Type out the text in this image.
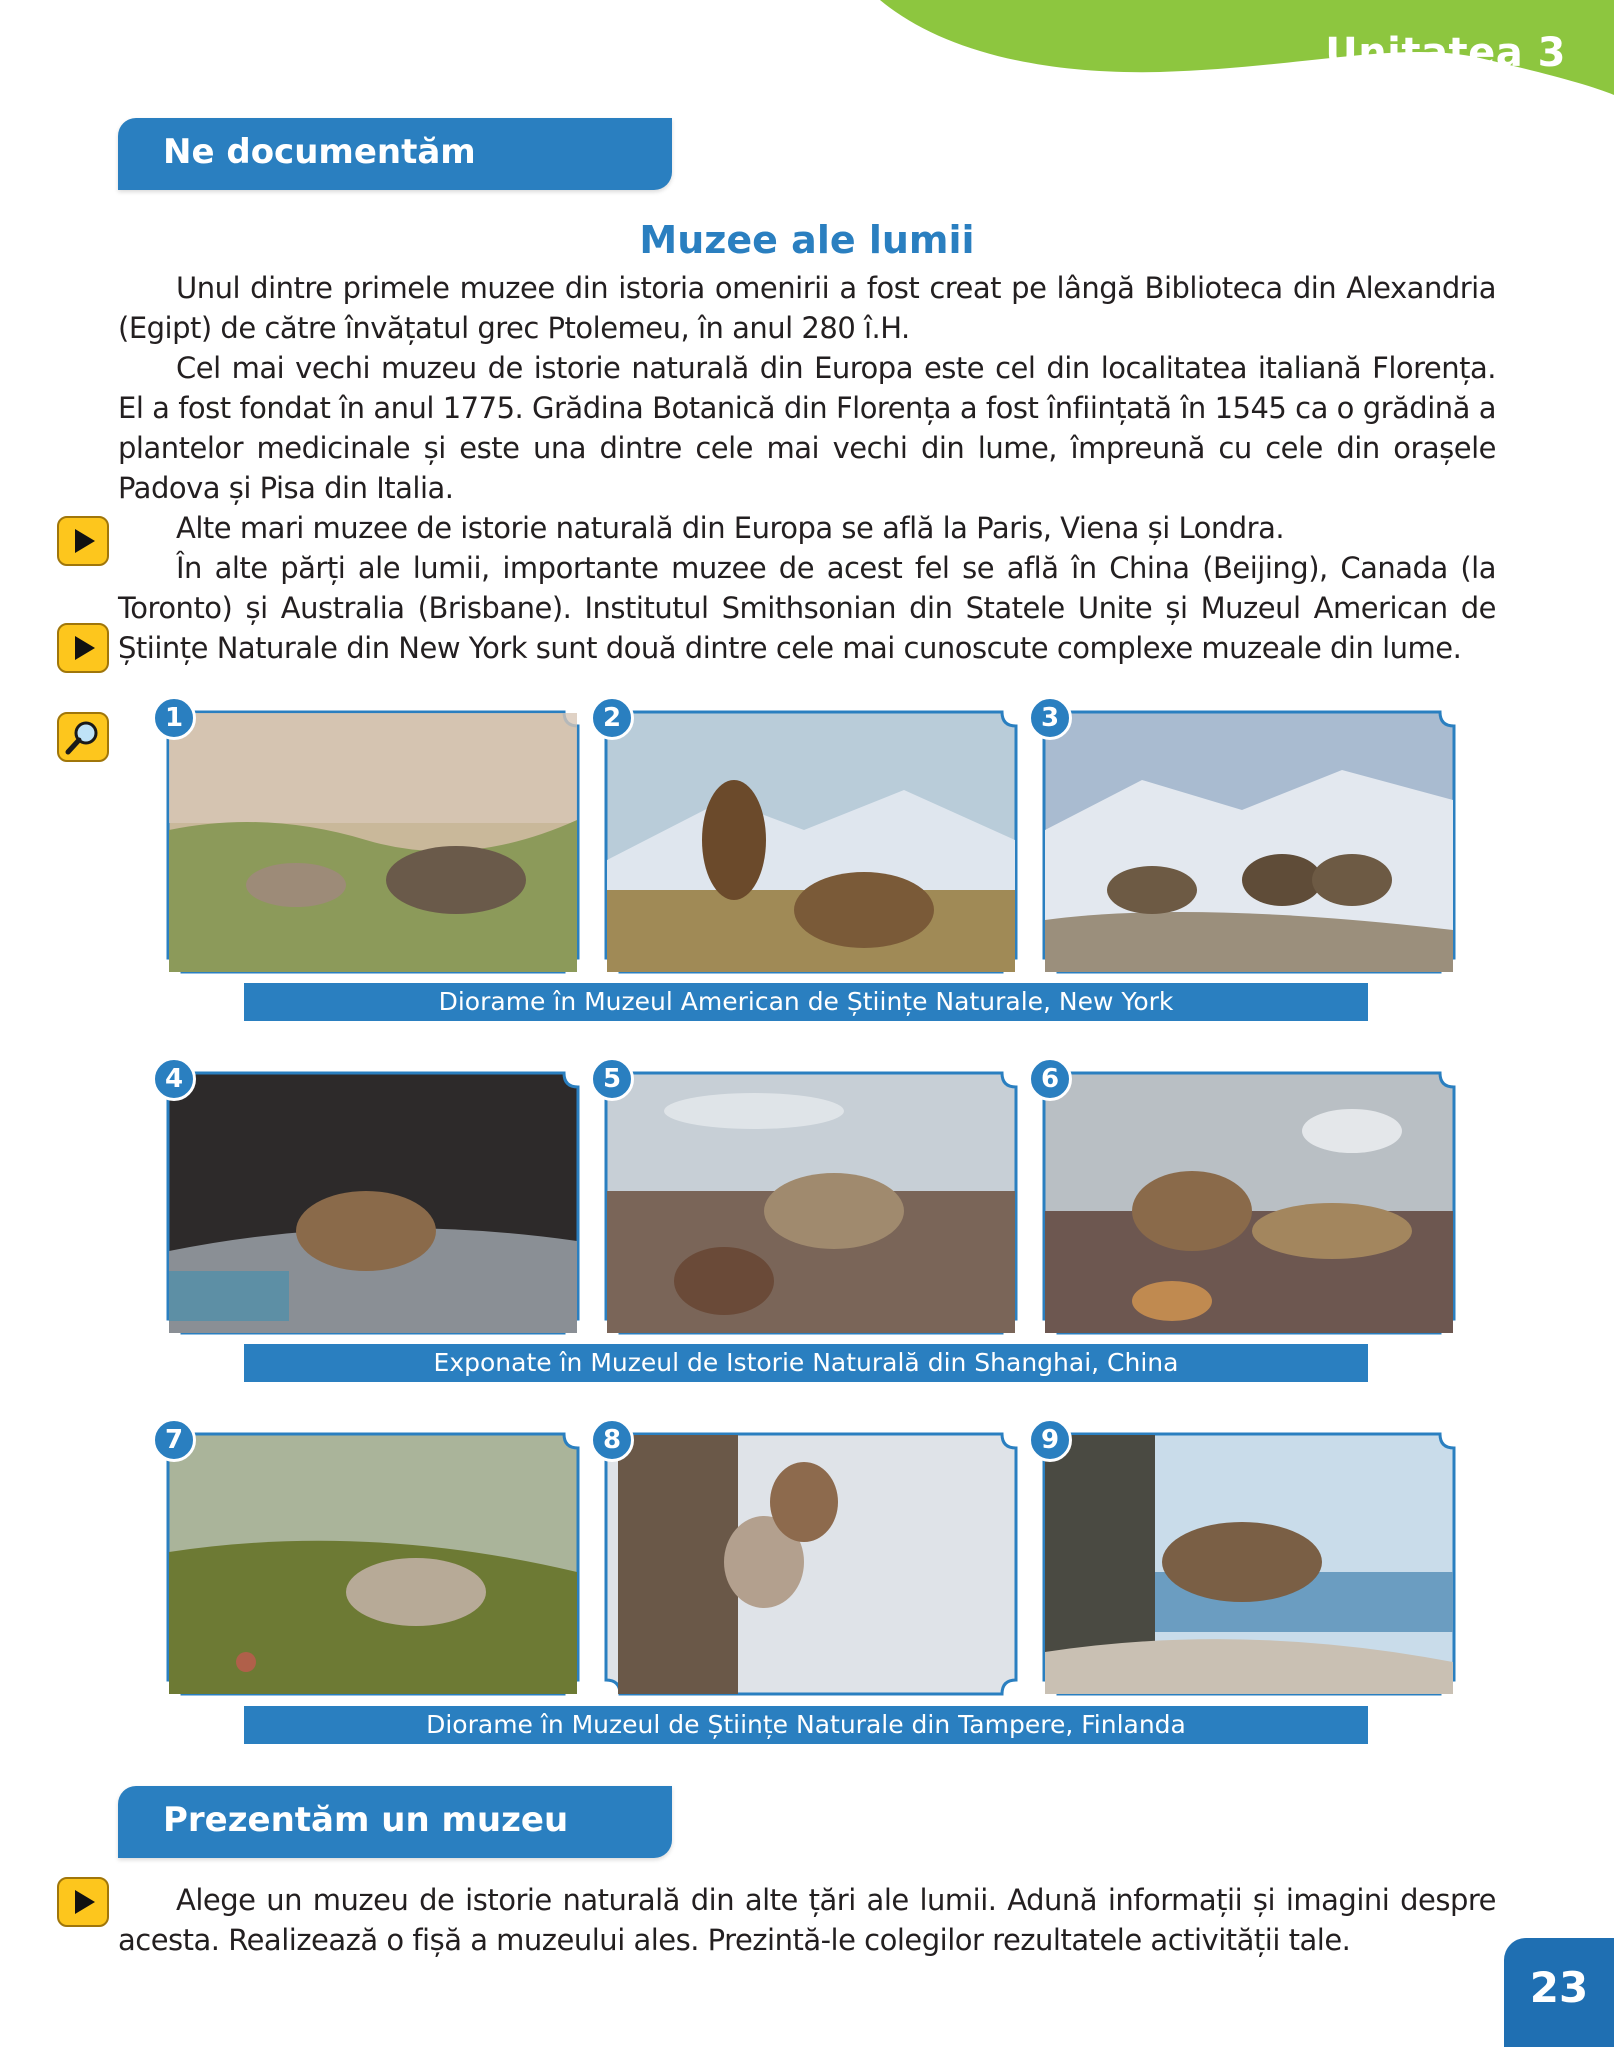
Unitatea 3
Ne documentăm
Muzee ale lumii

Unul dintre primele muzee din istoria omenirii a fost creat pe lângă Biblioteca din Alexandria (Egipt) de către învățatul grec Ptolemeu, în anul 280 î.H.

Cel mai vechi muzeu de istorie naturală din Europa este cel din localitatea italiană Florența. El a fost fondat în anul 1775. Grădina Botanică din Florența a fost înființată în 1545 ca o grădină a plantelor medicinale și este una dintre cele mai vechi din lume, împreună cu cele din orașele Padova și Pisa din Italia.

Alte mari muzee de istorie naturală din Europa se află la Paris, Viena și Londra.

În alte părți ale lumii, importante muzee de acest fel se află în China (Beijing), Canada (la Toronto) și Australia (Brisbane). Institutul Smithsonian din Statele Unite și Muzeul American de Științe Naturale din New York sunt două dintre cele mai cunoscute complexe muzeale din lume.

1	2	3
Diorame în Muzeul American de Științe Naturale, New York
4	5	6
Exponate în Muzeul de Istorie Naturală din Shanghai, China
7	8	9
Diorame în Muzeul de Științe Naturale din Tampere, Finlanda
Prezentăm un muzeu

Alege un muzeu de istorie naturală din alte țări ale lumii. Adună informații și imagini despre acesta. Realizează o fișă a muzeului ales. Prezintă-le colegilor rezultatele activității tale.

23
